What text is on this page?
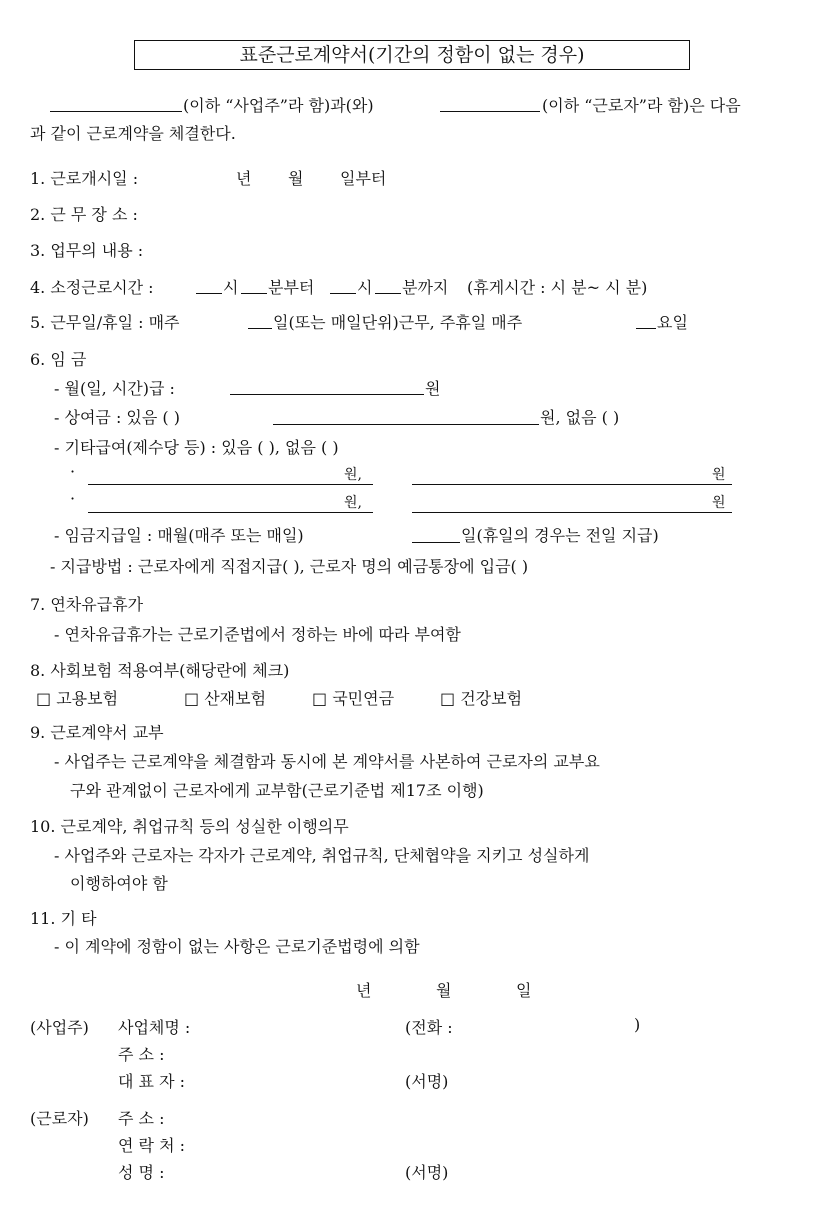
표준근로계약서(기간의 정함이 없는 경우)
(이하 “사업주”라 함)과(와)	(이하 “근로자”라 함)은 다음
과 같이 근로계약을 체결한다.
1. 근로개시일 :	년 월 일부터
2. 근 무 장 소 :
3. 업무의 내용 :
4. 소정근로시간 :	시 분부터	시 분까지 (휴게시간 : 시 분~ 시 분)
5. 근무일/휴일 : 매주	일(또는 매일단위)근무, 주휴일 매주	요일
6. 임 금
- 월(일, 시간)급 :	원
- 상여금 : 있음 ( )	원, 없음 ( )
- 기타급여(제수당 등) : 있음 ( ), 없음 ( )
·	원,	원
·	원,	원
- 임금지급일 : 매월(매주 또는 매일)	일(휴일의 경우는 전일 지급)
- 지급방법 : 근로자에게 직접지급( ), 근로자 명의 예금통장에 입금( )
7. 연차유급휴가
- 연차유급휴가는 근로기준법에서 정하는 바에 따라 부여함
8. 사회보험 적용여부(해당란에 체크)
□ 고용보험	□ 산재보험	□ 국민연금	□ 건강보험
9. 근로계약서 교부
- 사업주는 근로계약을 체결함과 동시에 본 계약서를 사본하여 근로자의 교부요
구와 관계없이 근로자에게 교부함(근로기준법 제17조 이행)
10. 근로계약, 취업규칙 등의 성실한 이행의무
- 사업주와 근로자는 각자가 근로계약, 취업규칙, 단체협약을 지키고 성실하게
이행하여야 함
11. 기 타
- 이 계약에 정함이 없는 사항은 근로기준법령에 의함
년	월	일
(사업주) 사업체명 :	(전화 :	)
주 소 :
대 표 자 :	(서명)
(근로자) 주 소 :
연 락 처 :
성 명 :	(서명)
